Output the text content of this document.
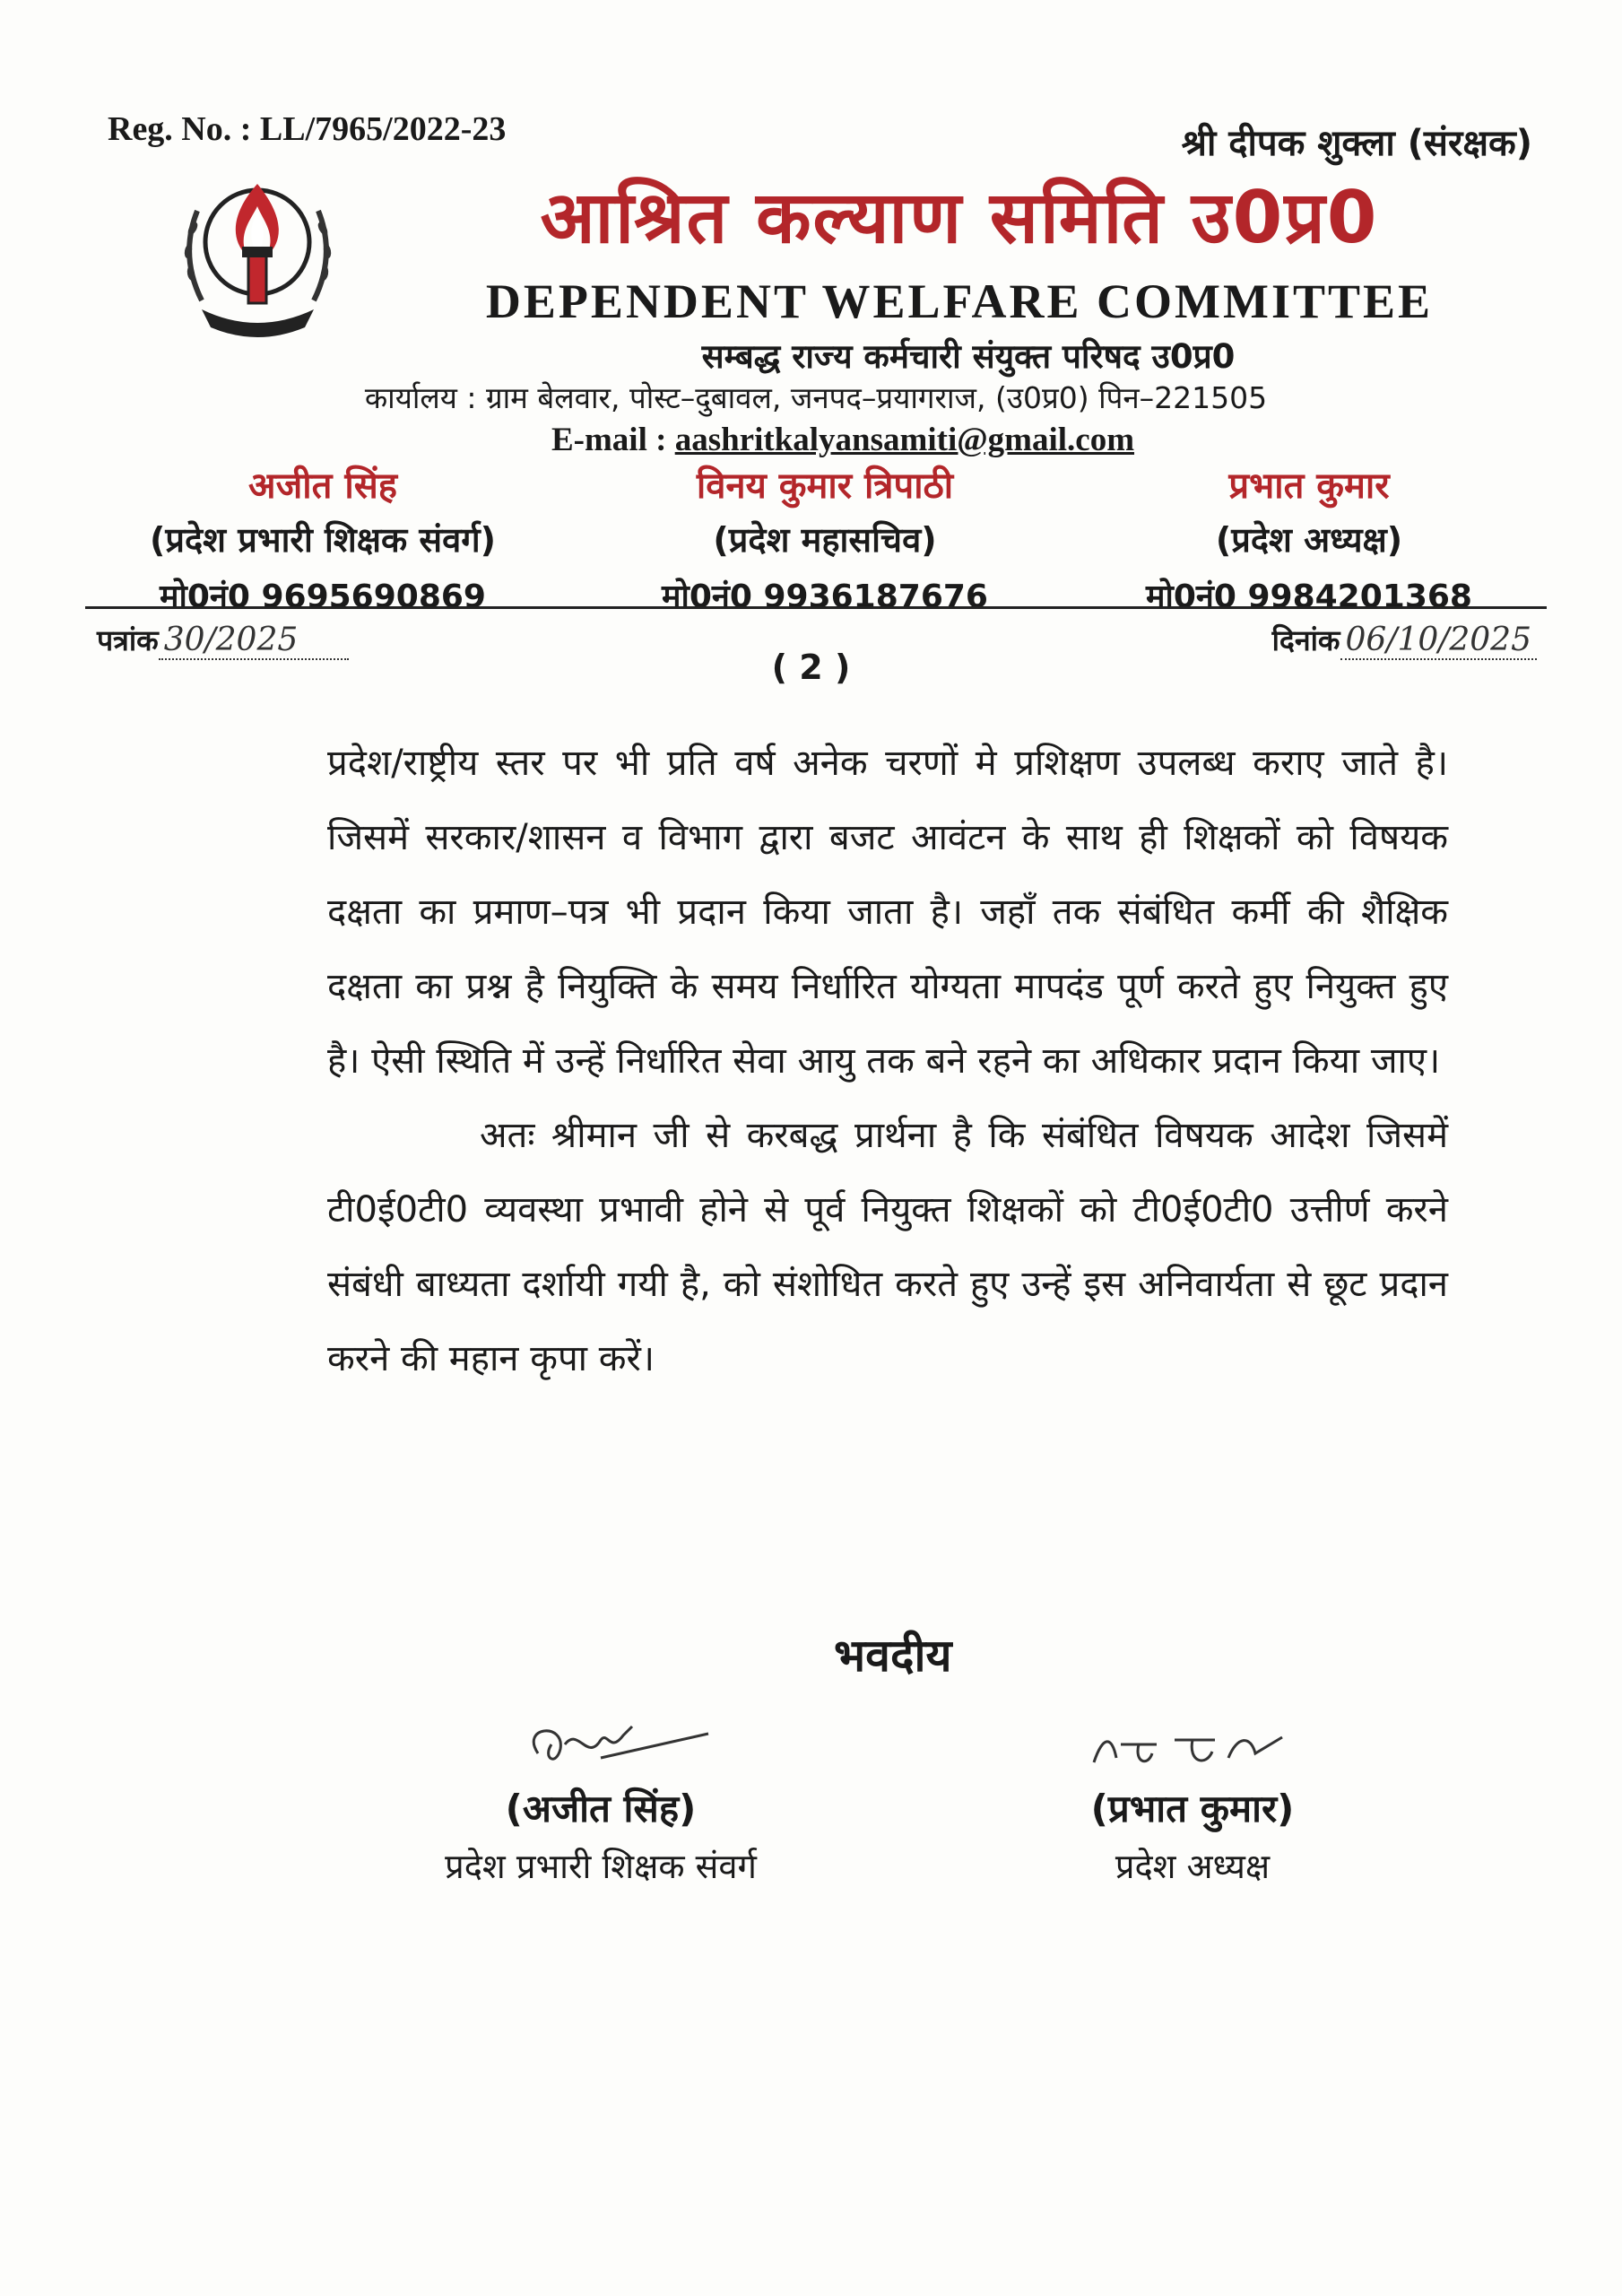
Reg. No. : LL/7965/2022-23	श्री दीपक शुक्ला (संरक्षक)
आश्रित कल्याण समिति उ0प्र0
DEPENDENT WELFARE COMMITTEE
सम्बद्ध राज्य कर्मचारी संयुक्त परिषद उ0प्र0
कार्यालय : ग्राम बेलवार, पोस्ट–दुबावल, जनपद–प्रयागराज, (उ0प्र0) पिन–221505
E-mail : aashritkalyansamiti@gmail.com
अजीत सिंह
(प्रदेश प्रभारी शिक्षक संवर्ग)
मो0नं0 9695690869
विनय कुमार त्रिपाठी
(प्रदेश महासचिव)
मो0नं0 9936187676
प्रभात कुमार
(प्रदेश अध्यक्ष)
मो0नं0 9984201368
पत्रांक 30/2025	दिनांक 06/10/2025
( 2 )

प्रदेश/राष्ट्रीय स्तर पर भी प्रति वर्ष अनेक चरणों मे प्रशिक्षण उपलब्ध कराए जाते है। जिसमें सरकार/शासन व विभाग द्वारा बजट आवंटन के साथ ही शिक्षकों को विषयक दक्षता का प्रमाण–पत्र भी प्रदान किया जाता है। जहाँ तक संबंधित कर्मी की शैक्षिक दक्षता का प्रश्न है नियुक्ति के समय निर्धारित योग्यता मापदंड पूर्ण करते हुए नियुक्त हुए है। ऐसी स्थिति में उन्हें निर्धारित सेवा आयु तक बने रहने का अधिकार प्रदान किया जाए।

अतः श्रीमान जी से करबद्ध प्रार्थना है कि संबंधित विषयक आदेश जिसमें टी0ई0टी0 व्यवस्था प्रभावी होने से पूर्व नियुक्त शिक्षकों को टी0ई0टी0 उत्तीर्ण करने संबंधी बाध्यता दर्शायी गयी है, को संशोधित करते हुए उन्हें इस अनिवार्यता से छूट प्रदान करने की महान कृपा करें।

भवदीय
(अजीत सिंह)
प्रदेश प्रभारी शिक्षक संवर्ग
(प्रभात कुमार)
प्रदेश अध्यक्ष
